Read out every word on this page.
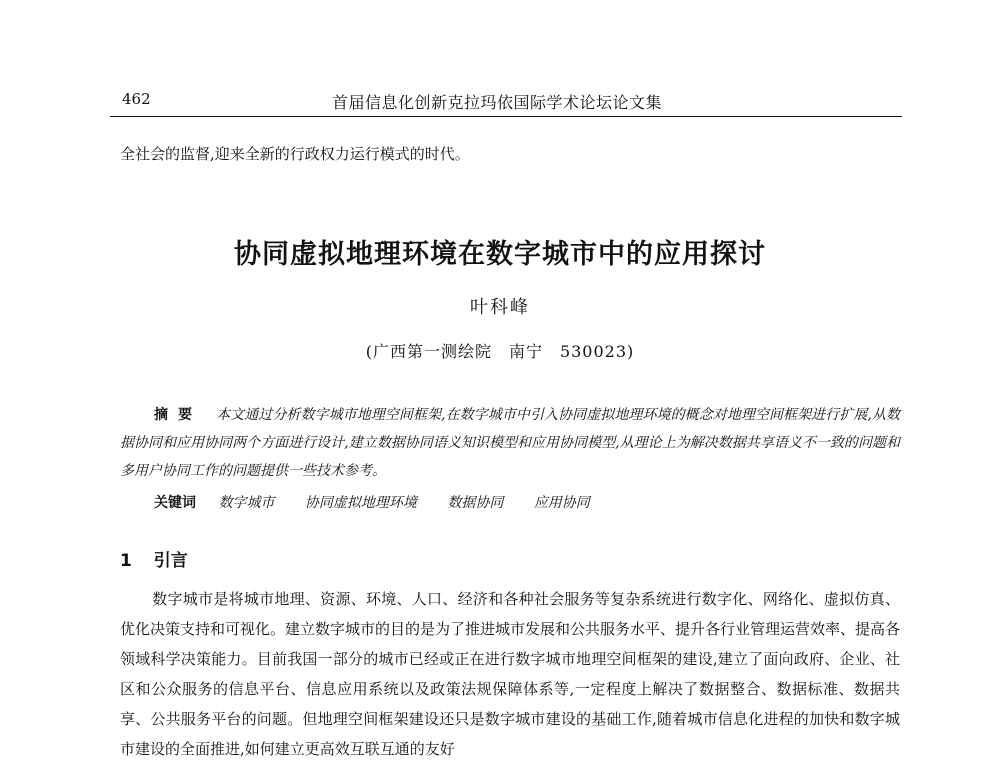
462	首届信息化创新克拉玛依国际学术论坛论文集
全社会的监督,迎来全新的行政权力运行模式的时代。
协同虚拟地理环境在数字城市中的应用探讨
叶科峰
(广西第一测绘院　南宁　530023)
摘要 本文通过分析数字城市地理空间框架,在数字城市中引入协同虚拟地理环境的概念对地理空间框架进行扩展,从数据协同和应用协同两个方面进行设计,建立数据协同语义知识模型和应用协同模型,从理论上为解决数据共享语义不一致的问题和多用户协同工作的问题提供一些技术参考。
关键词 数字城市 协同虚拟地理环境 数据协同 应用协同
1 引言
数字城市是将城市地理、资源、环境、人口、经济和各种社会服务等复杂系统进行数字化、网络化、虚拟仿真、优化决策支持和可视化。建立数字城市的目的是为了推进城市发展和公共服务水平、提升各行业管理运营效率、提高各领域科学决策能力。目前我国一部分的城市已经或正在进行数字城市地理空间框架的建设,建立了面向政府、企业、社区和公众服务的信息平台、信息应用系统以及政策法规保障体系等,一定程度上解决了数据整合、数据标准、数据共享、公共服务平台的问题。但地理空间框架建设还只是数字城市建设的基础工作,随着城市信息化进程的加快和数字城市建设的全面推进,如何建立更高效互联互通的友好
